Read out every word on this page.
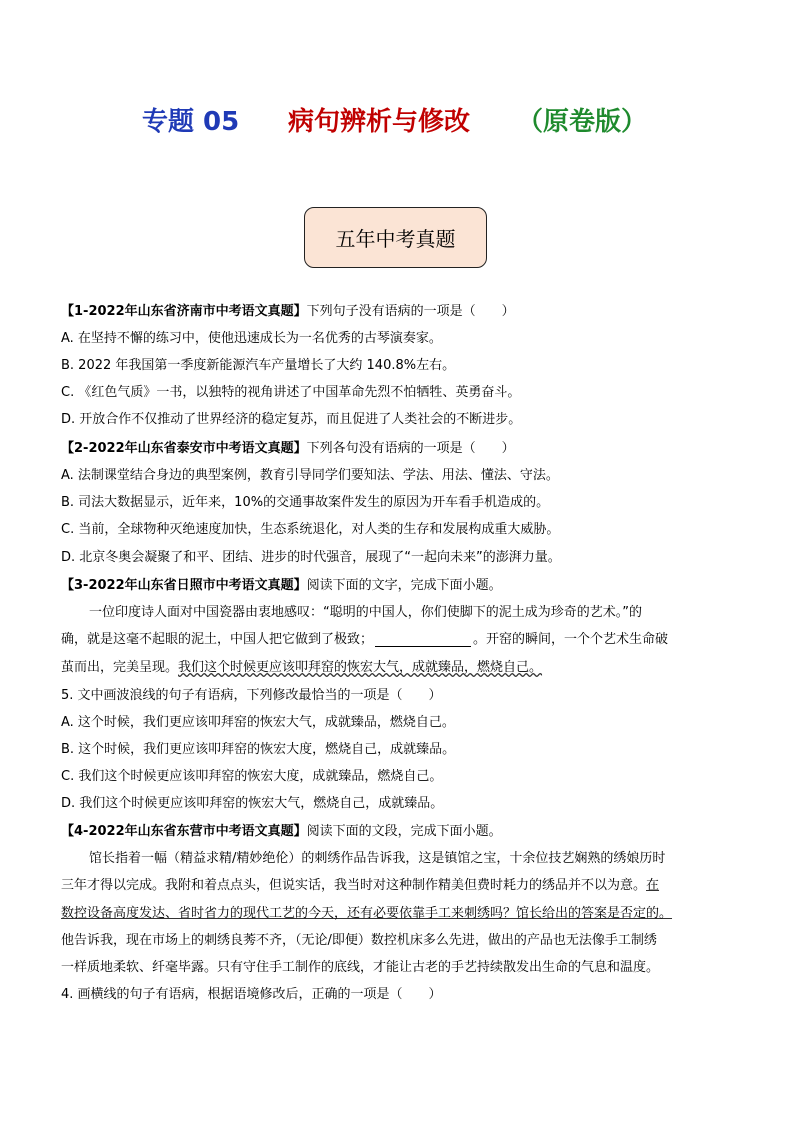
专题 05 病句辨析与修改 （原卷版）
五年中考真题
【1-2022年山东省济南市中考语文真题】下列句子没有语病的一项是（　　）
A. 在坚持不懈的练习中，使他迅速成长为一名优秀的古琴演奏家。
B. 2022 年我国第一季度新能源汽车产量增长了大约 140.8%左右。
C. 《红色气质》一书，以独特的视角讲述了中国革命先烈不怕牺牲、英勇奋斗。
D. 开放合作不仅推动了世界经济的稳定复苏，而且促进了人类社会的不断进步。
【2-2022年山东省泰安市中考语文真题】下列各句没有语病的一项是（　　）
A. 法制课堂结合身边的典型案例，教育引导同学们要知法、学法、用法、懂法、守法。
B. 司法大数据显示，近年来，10%的交通事故案件发生的原因为开车看手机造成的。
C. 当前，全球物种灭绝速度加快，生态系统退化，对人类的生存和发展构成重大威胁。
D. 北京冬奥会凝聚了和平、团结、进步的时代强音，展现了“一起向未来”的澎湃力量。
【3-2022年山东省日照市中考语文真题】阅读下面的文字，完成下面小题。
一位印度诗人面对中国瓷器由衷地感叹：“聪明的中国人，你们使脚下的泥土成为珍奇的艺术。”的
确，就是这毫不起眼的泥土，中国人把它做到了极致；	。开窑的瞬间，一个个艺术生命破
茧而出，完美呈现。我们这个时候更应该叩拜窑的恢宏大气，成就臻品，燃烧自己。
5. 文中画波浪线的句子有语病，下列修改最恰当的一项是（　　）
A. 这个时候，我们更应该叩拜窑的恢宏大气，成就臻品，燃烧自己。
B. 这个时候，我们更应该叩拜窑的恢宏大度，燃烧自己，成就臻品。
C. 我们这个时候更应该叩拜窑的恢宏大度，成就臻品，燃烧自己。
D. 我们这个时候更应该叩拜窑的恢宏大气，燃烧自己，成就臻品。
【4-2022年山东省东营市中考语文真题】阅读下面的文段，完成下面小题。
馆长指着一幅（精益求精/精妙绝伦）的刺绣作品告诉我，这是镇馆之宝，十余位技艺娴熟的绣娘历时
三年才得以完成。我附和着点点头，但说实话，我当时对这种制作精美但费时耗力的绣品并不以为意。在
数控设备高度发达、省时省力的现代工艺的今天，还有必要依靠手工来刺绣吗？馆长给出的答案是否定的。
他告诉我，现在市场上的刺绣良莠不齐，（无论/即便）数控机床多么先进，做出的产品也无法像手工制绣
一样质地柔软、纤毫毕露。只有守住手工制作的底线，才能让古老的手艺持续散发出生命的气息和温度。
4. 画横线的句子有语病，根据语境修改后，正确的一项是（　　）
